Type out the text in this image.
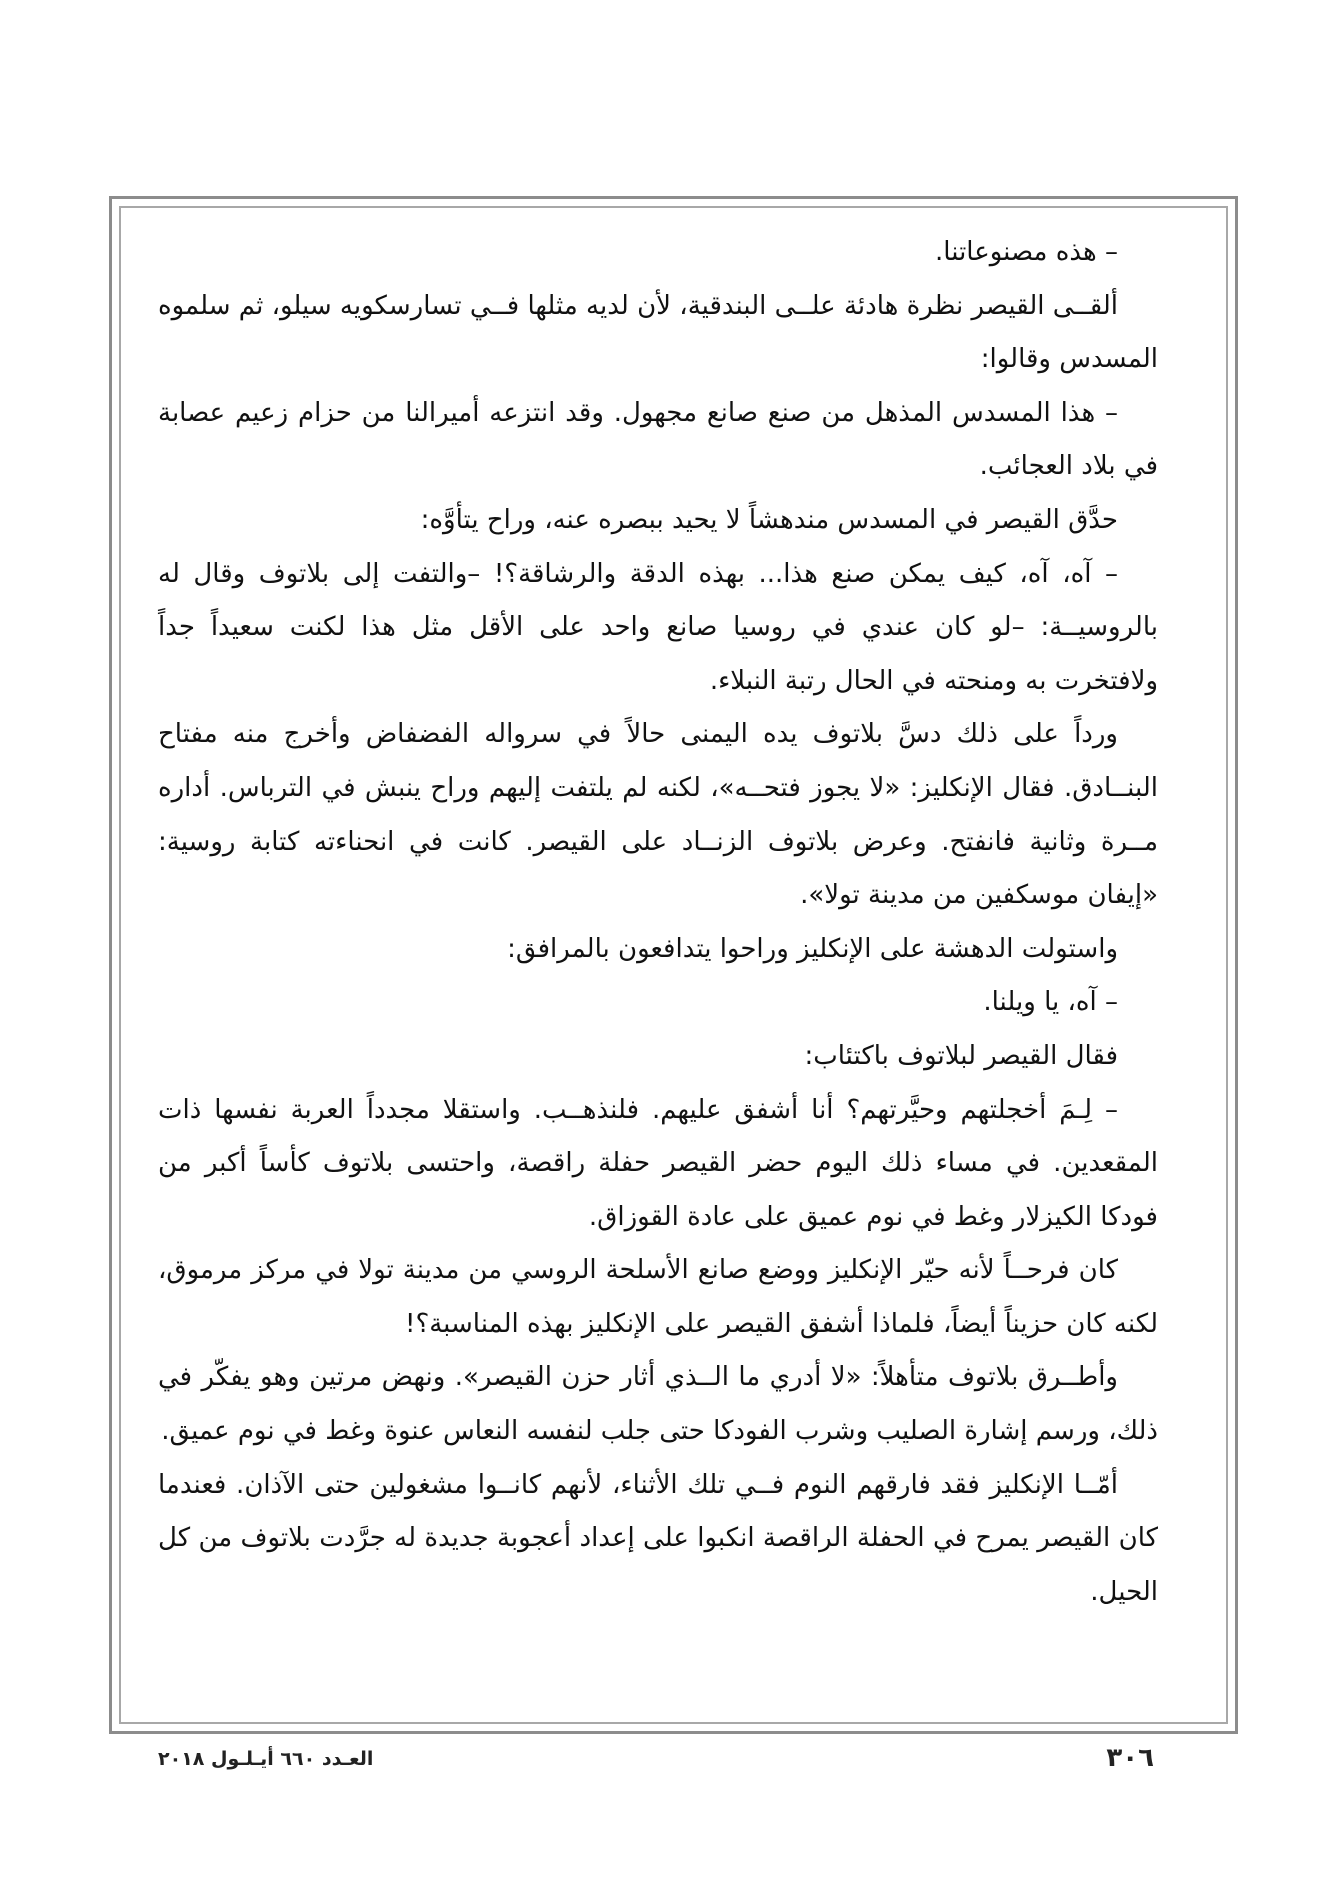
– هذه مصنوعاتنا.

ألقــى القيصر نظرة هادئة علــى البندقية، لأن لديه مثلها فــي تسارسكويه سيلو، ثم سلموه المسدس وقالوا:

– هذا المسدس المذهل من صنع صانع مجهول. وقد انتزعه أميرالنا من حزام زعيم عصابة في بلاد العجائب.

حدَّق القيصر في المسدس مندهشاً لا يحيد ببصره عنه، وراح يتأوَّه:

– آه، آه، كيف يمكن صنع هذا... بهذه الدقة والرشاقة؟! –والتفت إلى بلاتوف وقال له بالروسيــة: –لو كان عندي في روسيا صانع واحد على الأقل مثل هذا لكنت سعيداً جداً ولافتخرت به ومنحته في الحال رتبة النبلاء.

ورداً على ذلك دسَّ بلاتوف يده اليمنى حالاً في سرواله الفضفاض وأخرج منه مفتاح البنــادق. فقال الإنكليز: «لا يجوز فتحــه»، لكنه لم يلتفت إليهم وراح ينبش في الترباس. أداره مــرة وثانية فانفتح. وعرض بلاتوف الزنــاد على القيصر. كانت في انحناءته كتابة روسية: «إيفان موسكفين من مدينة تولا».

واستولت الدهشة على الإنكليز وراحوا يتدافعون بالمرافق:

– آه، يا ويلنا.

فقال القيصر لبلاتوف باكتئاب:

– لِـمَ أخجلتهم وحيَّرتهم؟ أنا أشفق عليهم. فلنذهــب. واستقلا مجدداً العربة نفسها ذات المقعدين. في مساء ذلك اليوم حضر القيصر حفلة راقصة، واحتسى بلاتوف كأساً أكبر من فودكا الكيزلار وغط في نوم عميق على عادة القوزاق.

كان فرحــاً لأنه حيّر الإنكليز ووضع صانع الأسلحة الروسي من مدينة تولا في مركز مرموق، لكنه كان حزيناً أيضاً، فلماذا أشفق القيصر على الإنكليز بهذه المناسبة؟!

وأطــرق بلاتوف متأهلاً: «لا أدري ما الــذي أثار حزن القيصر». ونهض مرتين وهو يفكّر في ذلك، ورسم إشارة الصليب وشرب الفودكا حتى جلب لنفسه النعاس عنوة وغط في نوم عميق.

أمّــا الإنكليز فقد فارقهم النوم فــي تلك الأثناء، لأنهم كانــوا مشغولين حتى الآذان. فعندما كان القيصر يمرح في الحفلة الراقصة انكبوا على إعداد أعجوبة جديدة له جرَّدت بلاتوف من كل الحيل.

٣٠٦
العـدد ٦٦٠ أيـلـول ٢٠١٨
